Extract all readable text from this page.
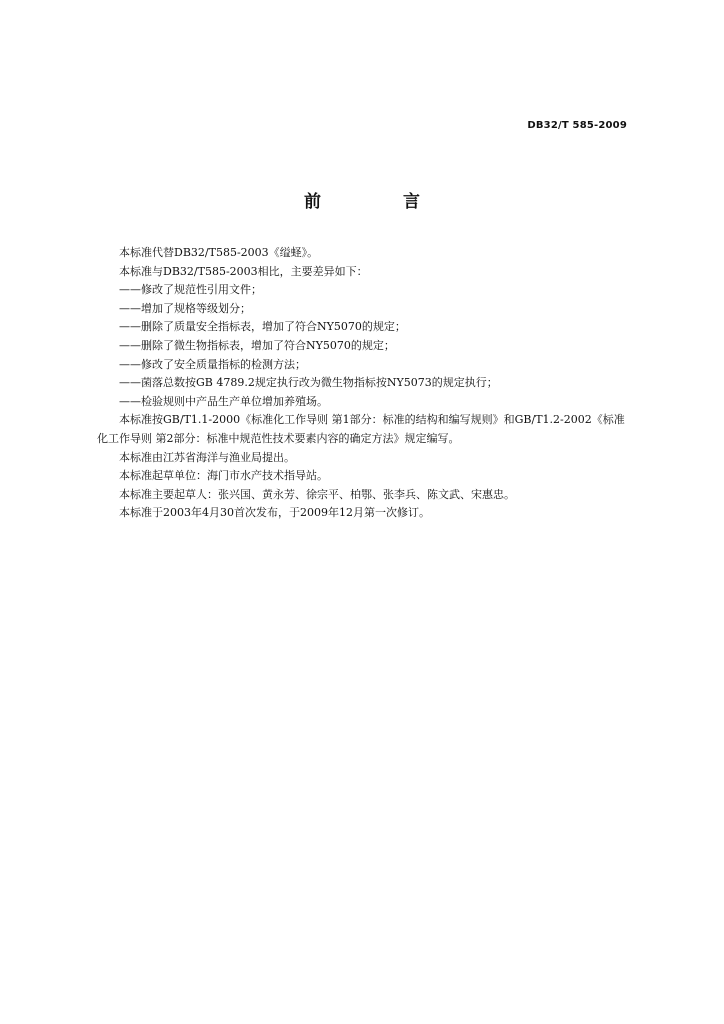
DB32/T 585-2009
前 言

本标准代替DB32/T585-2003《缢蛏》。

本标准与DB32/T585-2003相比，主要差异如下：

——修改了规范性引用文件；

——增加了规格等级划分；

——删除了质量安全指标表，增加了符合NY5070的规定；

——删除了微生物指标表，增加了符合NY5070的规定；

——修改了安全质量指标的检测方法；

——菌落总数按GB 4789.2规定执行改为微生物指标按NY5073的规定执行；

——检验规则中产品生产单位增加养殖场。

本标准按GB/T1.1-2000《标准化工作导则 第1部分：标准的结构和编写规则》和GB/T1.2-2002《标准化工作导则 第2部分：标准中规范性技术要素内容的确定方法》规定编写。

本标准由江苏省海洋与渔业局提出。

本标准起草单位：海门市水产技术指导站。

本标准主要起草人：张兴国、黄永芳、徐宗平、柏鄂、张李兵、陈文武、宋惠忠。

本标准于2003年4月30首次发布，于2009年12月第一次修订。
